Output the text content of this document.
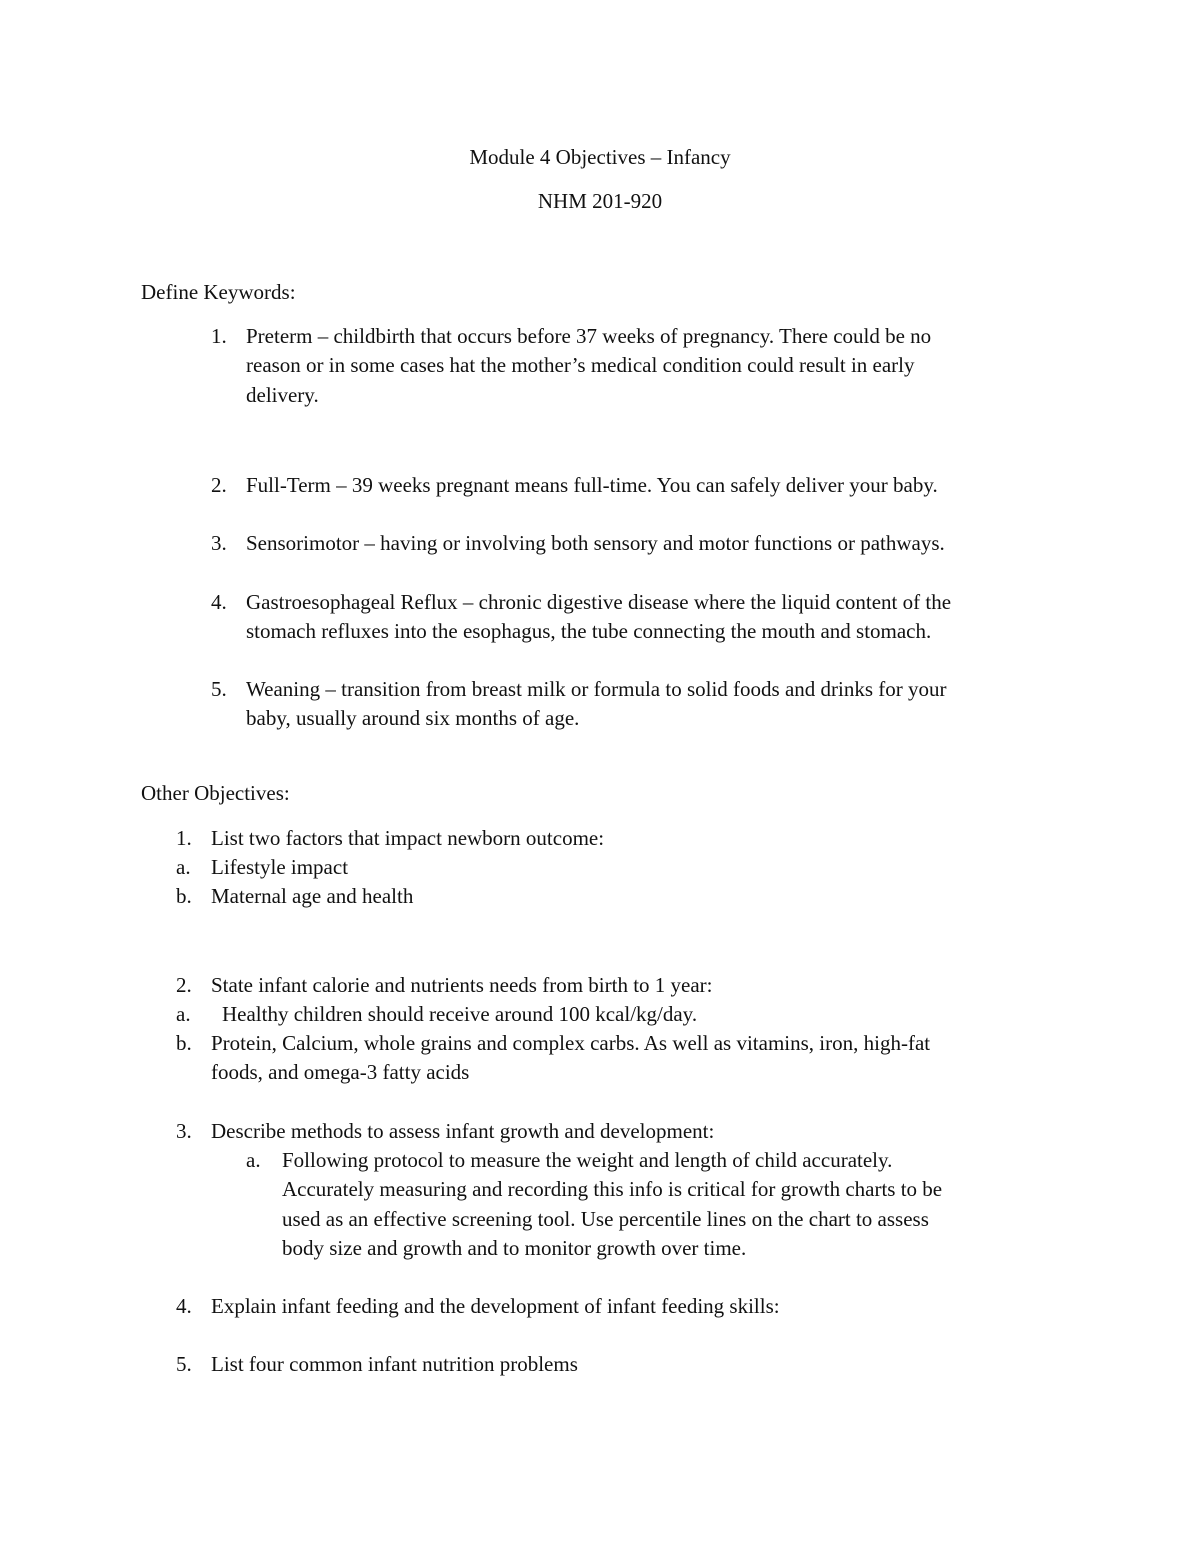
Module 4 Objectives – Infancy
NHM 201-920
Define Keywords:
1. Preterm – childbirth that occurs before 37 weeks of pregnancy. There could be no
reason or in some cases hat the mother’s medical condition could result in early
delivery.
2. Full-Term – 39 weeks pregnant means full-time. You can safely deliver your baby.
3. Sensorimotor – having or involving both sensory and motor functions or pathways.
4. Gastroesophageal Reflux – chronic digestive disease where the liquid content of the
stomach refluxes into the esophagus, the tube connecting the mouth and stomach.
5. Weaning – transition from breast milk or formula to solid foods and drinks for your
baby, usually around six months of age.
Other Objectives:
1. List two factors that impact newborn outcome:
a. Lifestyle impact
b. Maternal age and health
2. State infant calorie and nutrients needs from birth to 1 year:
a. Healthy children should receive around 100 kcal/kg/day.
b. Protein, Calcium, whole grains and complex carbs. As well as vitamins, iron, high-fat
foods, and omega-3 fatty acids
3. Describe methods to assess infant growth and development:
a. Following protocol to measure the weight and length of child accurately.
Accurately measuring and recording this info is critical for growth charts to be
used as an effective screening tool. Use percentile lines on the chart to assess
body size and growth and to monitor growth over time.
4. Explain infant feeding and the development of infant feeding skills:
5. List four common infant nutrition problems
